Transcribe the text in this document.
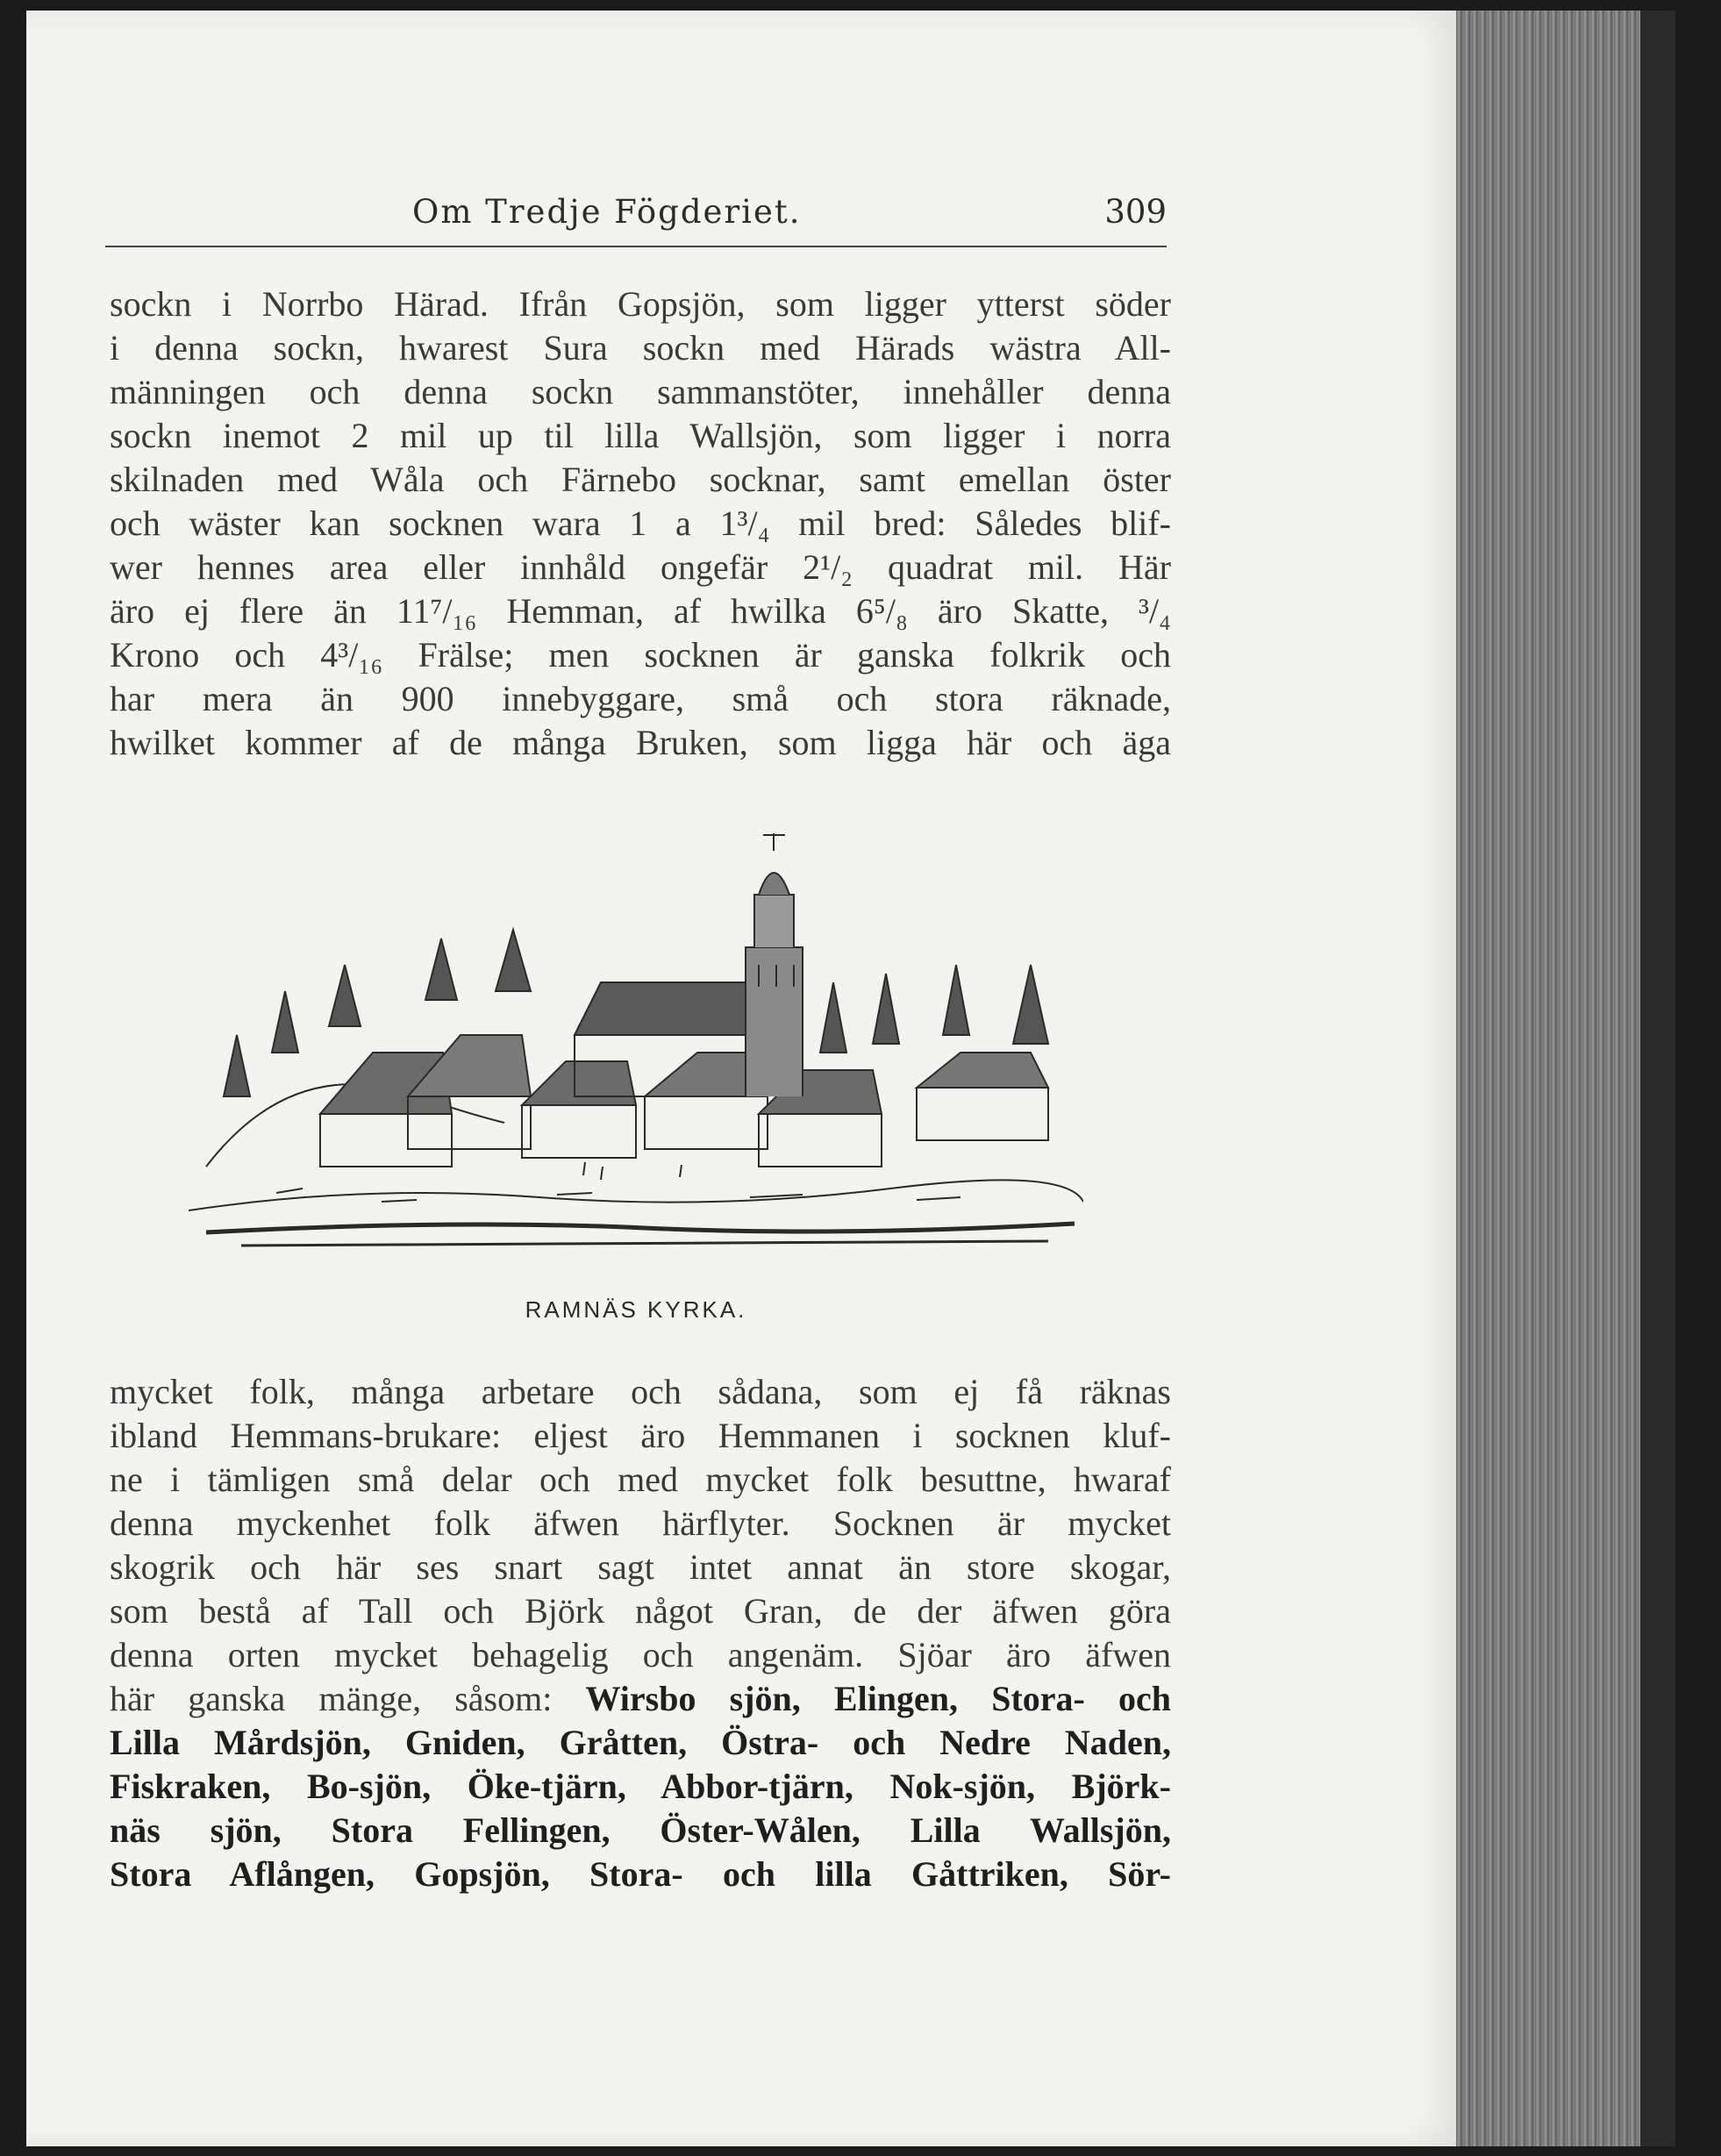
Om Tredje Fögderiet.	309
sockn i Norrbo Härad. Ifrån Gopsjön, som ligger ytterst söder
i denna sockn, hwarest Sura sockn med Härads wästra All-
männingen och denna sockn sammanstöter, innehåller denna
sockn inemot 2 mil up til lilla Wallsjön, som ligger i norra
skilnaden med Wåla och Färnebo socknar, samt emellan öster
och wäster kan socknen wara 1 a 1³/₄ mil bred: Således blif-
wer hennes area eller innhåld ongefär 2¹/₂ quadrat mil. Här
äro ej flere än 11⁷/₁₆ Hemman, af hwilka 6⁵/₈ äro Skatte, ³/₄
Krono och 4³/₁₆ Frälse; men socknen är ganska folkrik och
har mera än 900 innebyggare, små och stora räknade,
hwilket kommer af de många Bruken, som ligga här och äga
RAMNÄS KYRKA.
mycket folk, många arbetare och sådana, som ej få räknas
ibland Hemmans-brukare: eljest äro Hemmanen i socknen kluf-
ne i tämligen små delar och med mycket folk besuttne, hwaraf
denna myckenhet folk äfwen härflyter. Socknen är mycket
skogrik och här ses snart sagt intet annat än store skogar,
som bestå af Tall och Björk något Gran, de der äfwen göra
denna orten mycket behagelig och angenäm. Sjöar äro äfwen
här ganska mänge, såsom: Wirsbo sjön, Elingen, Stora- och
Lilla Mårdsjön, Gniden, Gråtten, Östra- och Nedre Naden,
Fiskraken, Bo-sjön, Öke-tjärn, Abbor-tjärn, Nok-sjön, Björk-
näs sjön, Stora Fellingen, Öster-Wålen, Lilla Wallsjön,
Stora Aflången, Gopsjön, Stora- och lilla Gåttriken, Sör-
